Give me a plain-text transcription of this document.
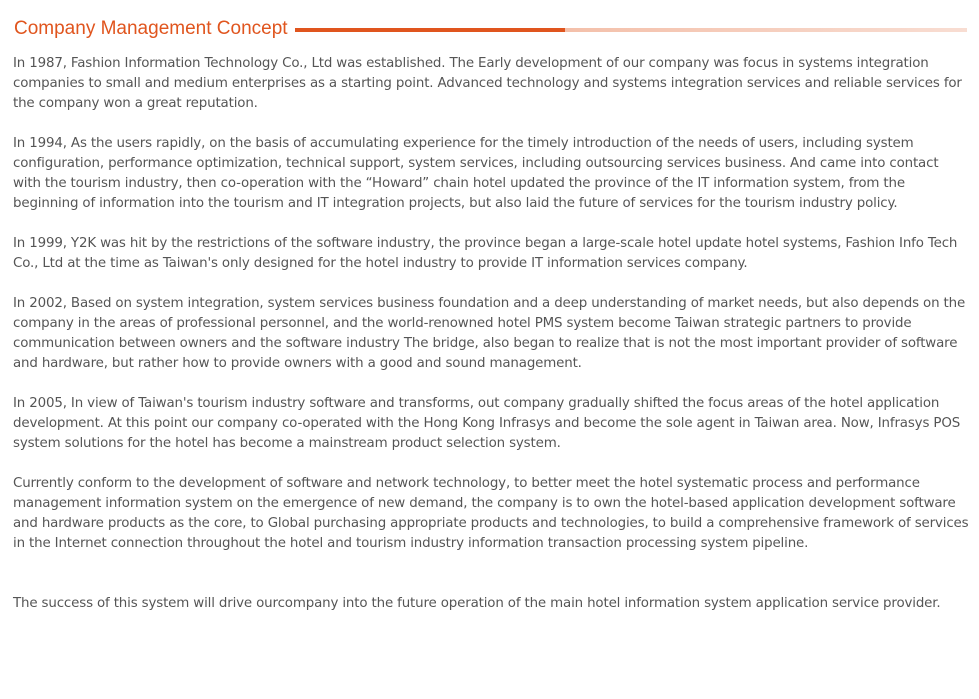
Company Management Concept

In 1987, Fashion Information Technology Co., Ltd was established. The Early development of our company was focus in systems integration companies to small and medium enterprises as a starting point. Advanced technology and systems integration services and reliable services for the company won a great reputation.

In 1994, As the users rapidly, on the basis of accumulating experience for the timely introduction of the needs of users, including system configuration, performance optimization, technical support, system services, including outsourcing services business. And came into contact with the tourism industry, then co-operation with the “Howard” chain hotel updated the province of the IT information system, from the beginning of information into the tourism and IT integration projects, but also laid the future of services for the tourism industry policy.

In 1999, Y2K was hit by the restrictions of the software industry, the province began a large-scale hotel update hotel systems, Fashion Info Tech Co., Ltd at the time as Taiwan's only designed for the hotel industry to provide IT information services company.

In 2002, Based on system integration, system services business foundation and a deep understanding of market needs, but also depends on the company in the areas of professional personnel, and the world-renowned hotel PMS system become Taiwan strategic partners to provide communication between owners and the software industry The bridge, also began to realize that is not the most important provider of software and hardware, but rather how to provide owners with a good and sound management.

In 2005, In view of Taiwan's tourism industry software and transforms, out company gradually shifted the focus areas of the hotel application development. At this point our company co-operated with the Hong Kong Infrasys and become the sole agent in Taiwan area. Now, Infrasys POS system solutions for the hotel has become a mainstream product selection system.

Currently conform to the development of software and network technology, to better meet the hotel systematic process and performance management information system on the emergence of new demand, the company is to own the hotel-based application development software and hardware products as the core, to Global purchasing appropriate products and technologies, to build a comprehensive framework of services in the Internet connection throughout the hotel and tourism industry information transaction processing system pipeline.

The success of this system will drive ourcompany into the future operation of the main hotel information system application service provider.
